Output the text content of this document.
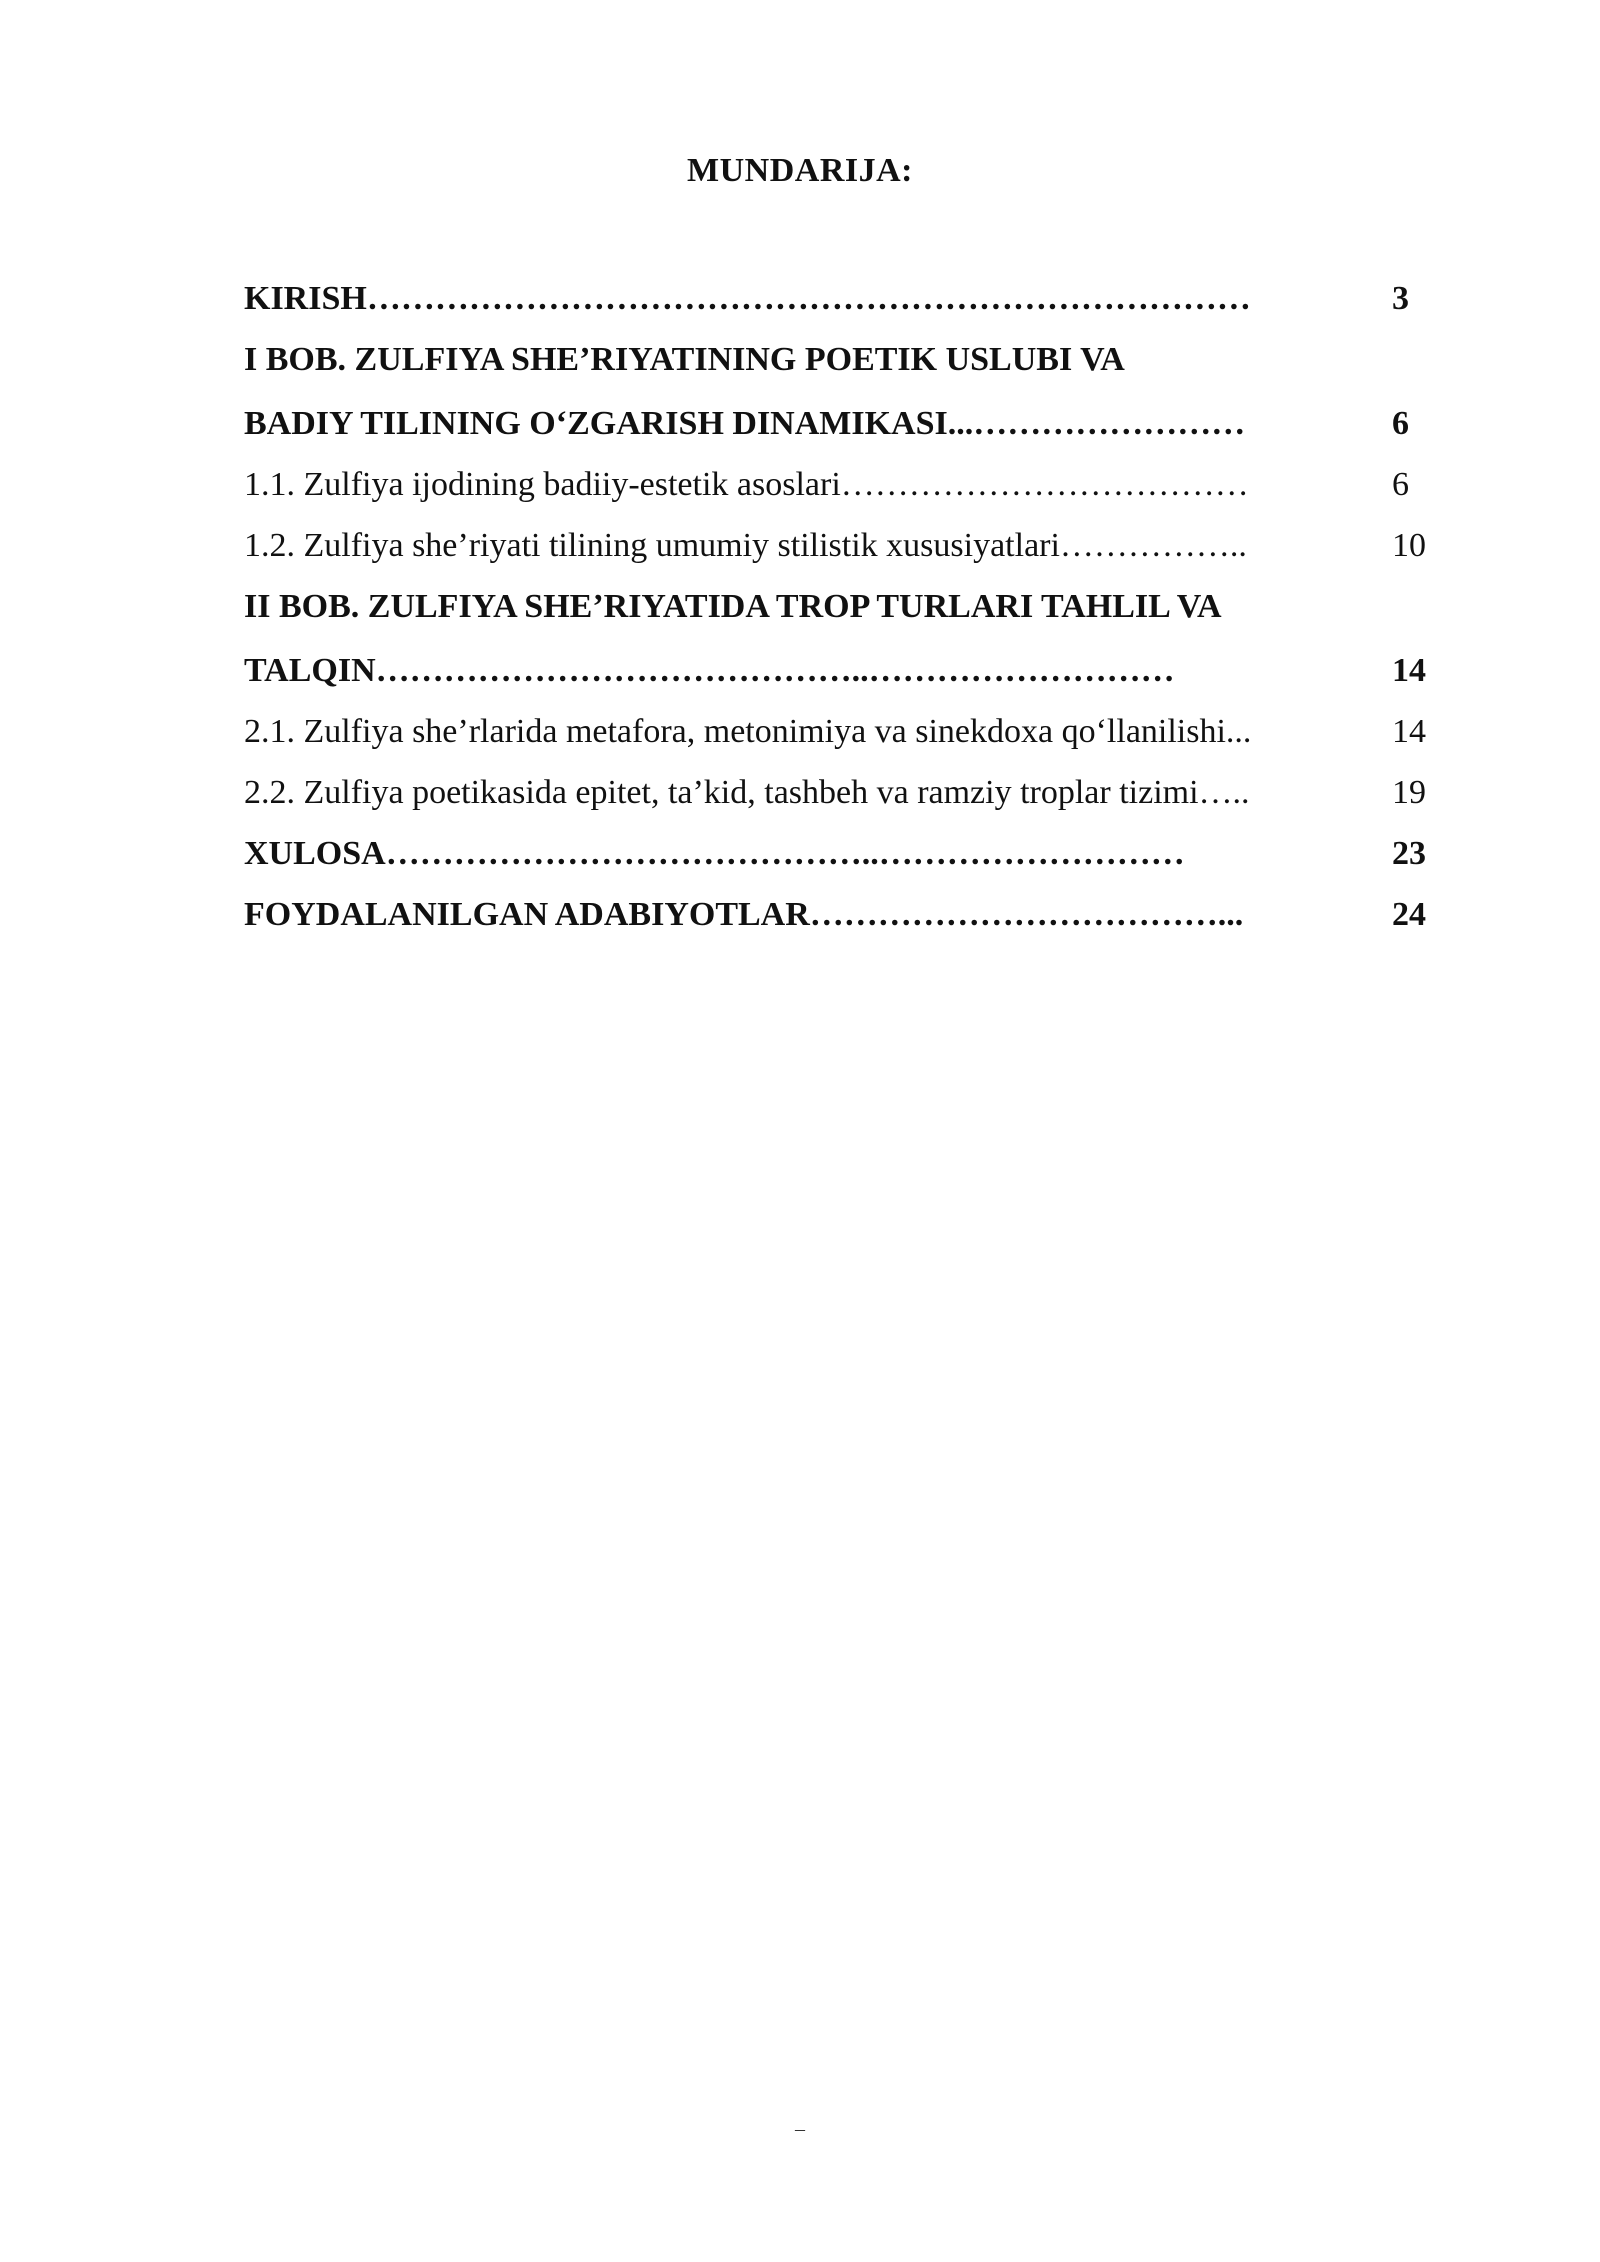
MUNDARIJA:
KIRISH……………………………………………………………………	3
I BOB. ZULFIYA SHE’RIYATINING POETIK USLUBI VA
BADIY TILINING O‘ZGARISH DINAMIKASI...……………………	6
1.1. Zulfiya ijodining badiiy-estetik asoslari………………………………	6
1.2. Zulfiya she’riyati tilining umumiy stilistik xususiyatlari……………..	10
II BOB. ZULFIYA SHE’RIYATIDA TROP TURLARI TAHLIL VA
TALQIN……………………………………..………………………	14
2.1. Zulfiya she’rlarida metafora, metonimiya va sinekdoxa qo‘llanilishi...	14
2.2. Zulfiya poetikasida epitet, ta’kid, tashbeh va ramziy troplar tizimi…..	19
XULOSA……………………………………..………………………	23
FOYDALANILGAN ADABIYOTLAR………………………………...	24
–
